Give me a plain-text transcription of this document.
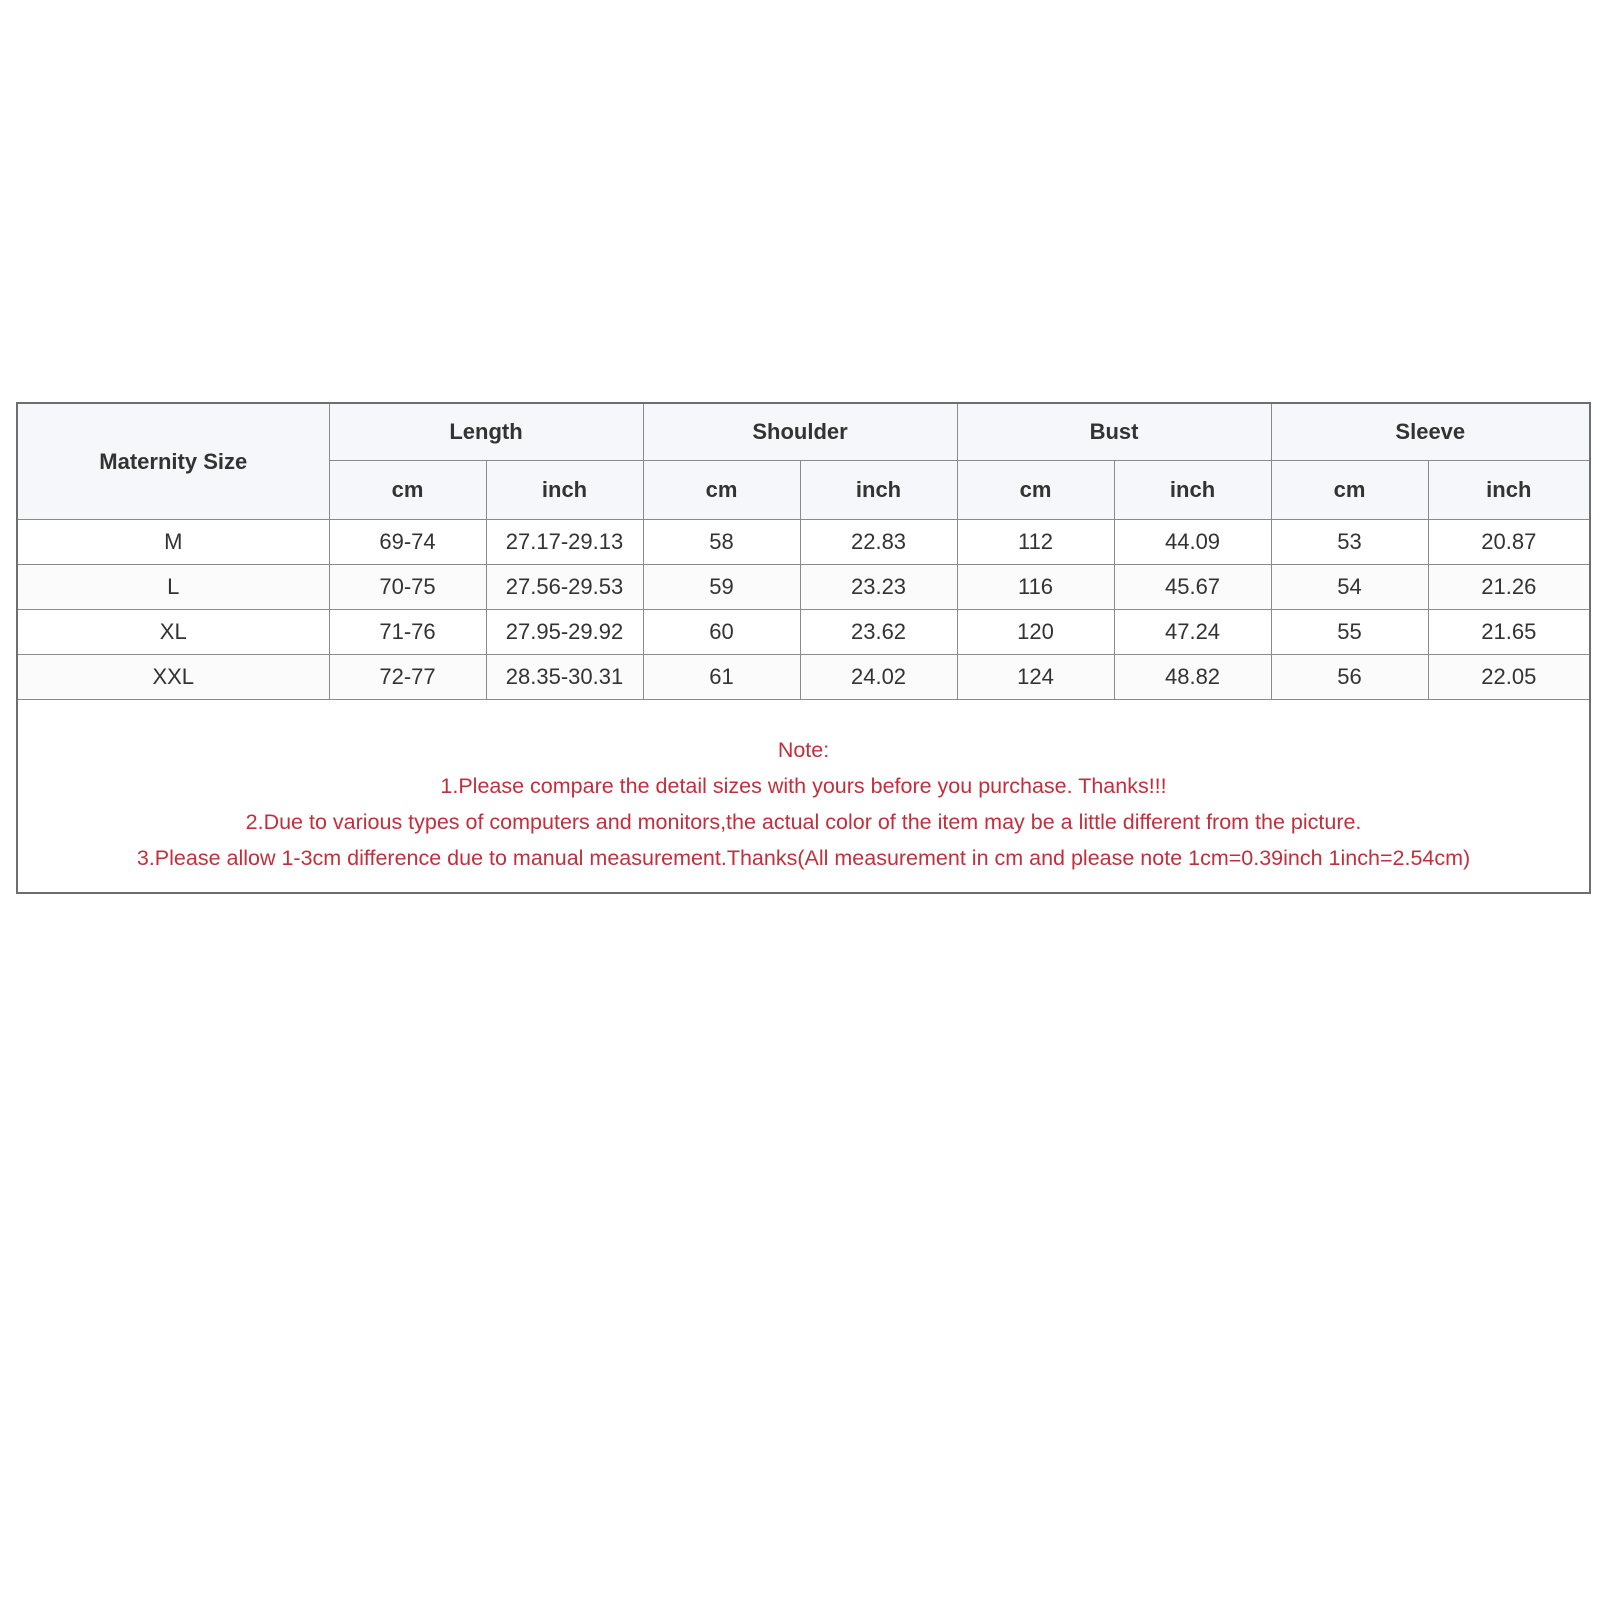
Maternity Size	Length		Shoulder		Bust		Sleeve	
	cm	inch	cm	inch	cm	inch	cm	inch
M	69-74	27.17-29.13	58	22.83	112	44.09	53	20.87
L	70-75	27.56-29.53	59	23.23	116	45.67	54	21.26
XL	71-76	27.95-29.92	60	23.62	120	47.24	55	21.65
XXL	72-77	28.35-30.31	61	24.02	124	48.82	56	22.05

Note:
1.Please compare the detail sizes with yours before you purchase. Thanks!!!
2.Due to various types of computers and monitors,the actual color of the item may be a little different from the picture.
3.Please allow 1-3cm difference due to manual measurement.Thanks(All measurement in cm and please note 1cm=0.39inch 1inch=2.54cm)								
